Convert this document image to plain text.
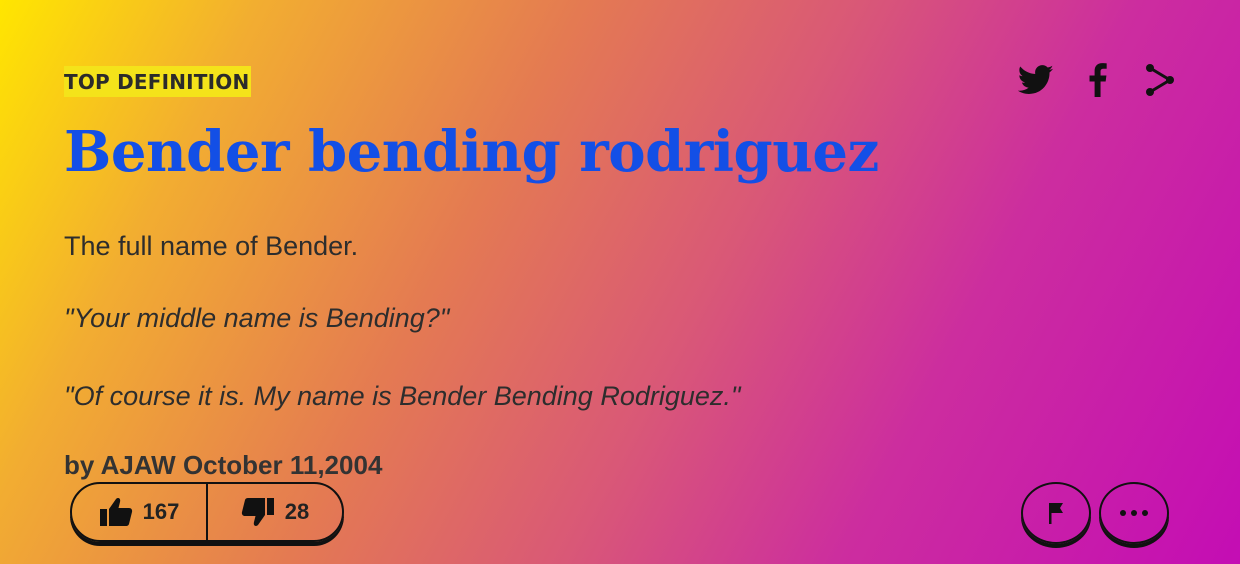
TOP DEFINITION
Bender bending rodriguez

The full name of Bender.

"Your middle name is Bending?"

"Of course it is. My name is Bender Bending Rodriguez."

by AJAW October 11,2004

167	28
